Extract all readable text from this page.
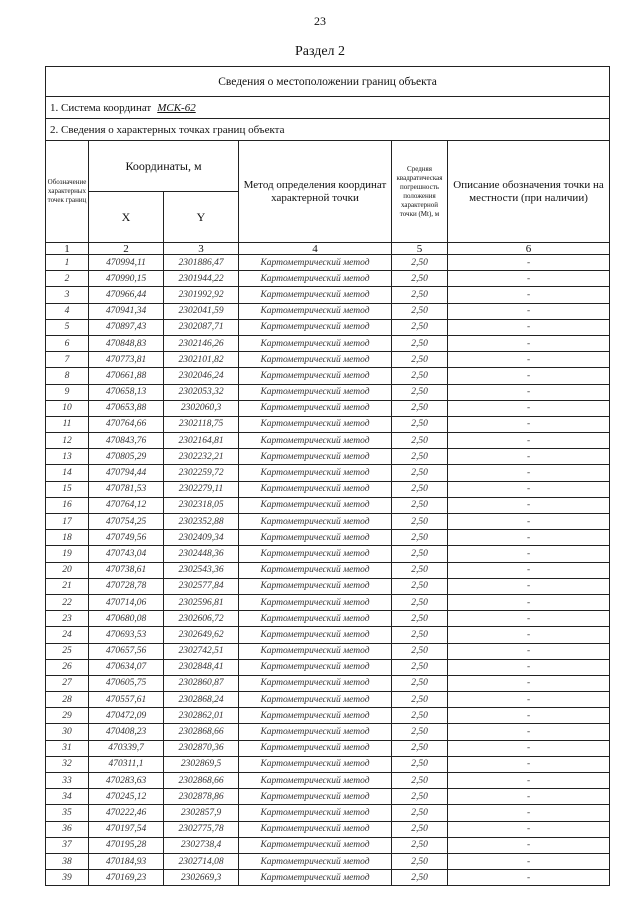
23
Раздел 2
Сведения о местоположении границ объекта					
1. Система координат МСК-62					
2. Сведения о характерных точках границ объекта					
Обозначение характерных точек границ	Координаты, м		Метод определения координат характерной точки	Средняя квадратическая погрешность положения характерной точки (Mt), м	Описание обозначения точки на местности (при наличии)
	X	Y			
1	2	3	4	5	6
1	470994,11	2301886,47	Картометрический метод	2,50	-
2	470990,15	2301944,22	Картометрический метод	2,50	-
3	470966,44	2301992,92	Картометрический метод	2,50	-
4	470941,34	2302041,59	Картометрический метод	2,50	-
5	470897,43	2302087,71	Картометрический метод	2,50	-
6	470848,83	2302146,26	Картометрический метод	2,50	-
7	470773,81	2302101,82	Картометрический метод	2,50	-
8	470661,88	2302046,24	Картометрический метод	2,50	-
9	470658,13	2302053,32	Картометрический метод	2,50	-
10	470653,88	2302060,3	Картометрический метод	2,50	-
11	470764,66	2302118,75	Картометрический метод	2,50	-
12	470843,76	2302164,81	Картометрический метод	2,50	-
13	470805,29	2302232,21	Картометрический метод	2,50	-
14	470794,44	2302259,72	Картометрический метод	2,50	-
15	470781,53	2302279,11	Картометрический метод	2,50	-
16	470764,12	2302318,05	Картометрический метод	2,50	-
17	470754,25	2302352,88	Картометрический метод	2,50	-
18	470749,56	2302409,34	Картометрический метод	2,50	-
19	470743,04	2302448,36	Картометрический метод	2,50	-
20	470738,61	2302543,36	Картометрический метод	2,50	-
21	470728,78	2302577,84	Картометрический метод	2,50	-
22	470714,06	2302596,81	Картометрический метод	2,50	-
23	470680,08	2302606,72	Картометрический метод	2,50	-
24	470693,53	2302649,62	Картометрический метод	2,50	-
25	470657,56	2302742,51	Картометрический метод	2,50	-
26	470634,07	2302848,41	Картометрический метод	2,50	-
27	470605,75	2302860,87	Картометрический метод	2,50	-
28	470557,61	2302868,24	Картометрический метод	2,50	-
29	470472,09	2302862,01	Картометрический метод	2,50	-
30	470408,23	2302868,66	Картометрический метод	2,50	-
31	470339,7	2302870,36	Картометрический метод	2,50	-
32	470311,1	2302869,5	Картометрический метод	2,50	-
33	470283,63	2302868,66	Картометрический метод	2,50	-
34	470245,12	2302878,86	Картометрический метод	2,50	-
35	470222,46	2302857,9	Картометрический метод	2,50	-
36	470197,54	2302775,78	Картометрический метод	2,50	-
37	470195,28	2302738,4	Картометрический метод	2,50	-
38	470184,93	2302714,08	Картометрический метод	2,50	-
39	470169,23	2302669,3	Картометрический метод	2,50	-
